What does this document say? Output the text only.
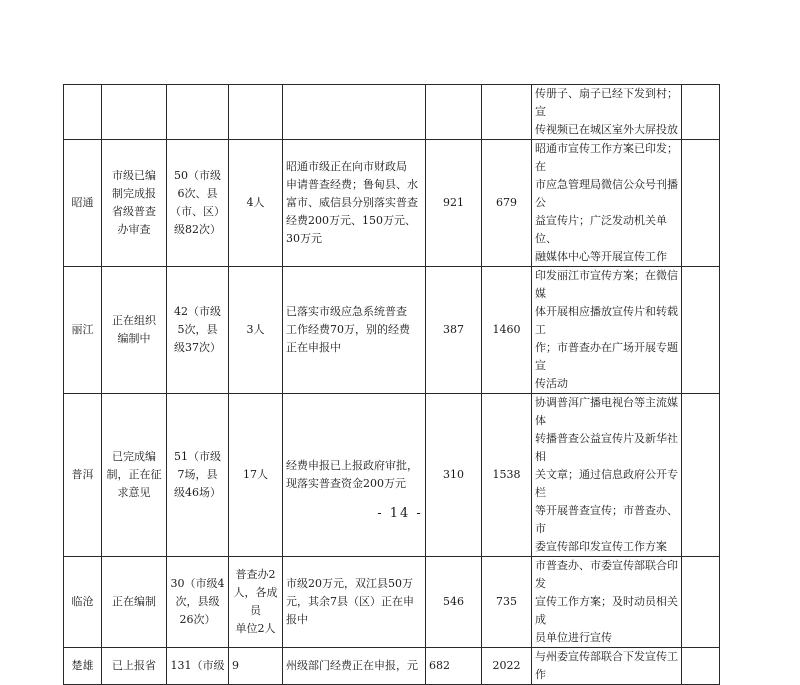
							传册子、扇子已经下发到村；宣
传视频已在城区室外大屏投放	

昭通	市级已编
制完成报
省级普查
办审查	50（市级
6次、县
（市、区）
级82次）	4人	昭通市级正在向市财政局
申请普查经费；鲁甸县、水
富市、威信县分别落实普查
经费200万元、150万元、
30万元	921	679	昭通市宣传工作方案已印发；在
市应急管理局微信公众号刊播公
益宣传片；广泛发动机关单位、
融媒体中心等开展宣传工作	

丽江	正在组织
编制中	42（市级
5次，县
级37次）	3人	已落实市级应急系统普查
工作经费70万，别的经费
正在申报中	387	1460	印发丽江市宣传方案；在微信媒
体开展相应播放宣传片和转载工
作；市普查办在广场开展专题宣
传活动	

普洱	已完成编
制，正在征
求意见	51（市级
7场，县
级46场）	17人	经费申报已上报政府审批，
现落实普查资金200万元	310	1538	协调普洱广播电视台等主流媒体
转播普查公益宣传片及新华社相
关文章；通过信息政府公开专栏
等开展普查宣传；市普查办、市
委宣传部印发宣传工作方案	

临沧	正在编制	30（市级4
次，县级
26次）	普查办2
人，各成员
单位2人	市级20万元，双江县50万
元，其余7县（区）正在申
报中	546	735	市普查办、市委宣传部联合印发
宣传工作方案；及时动员相关成
员单位进行宣传	

楚雄	已上报省	131（市级	9	州级部门经费正在申报，元	682	2022	与州委宣传部联合下发宣传工作	

- 14 -
